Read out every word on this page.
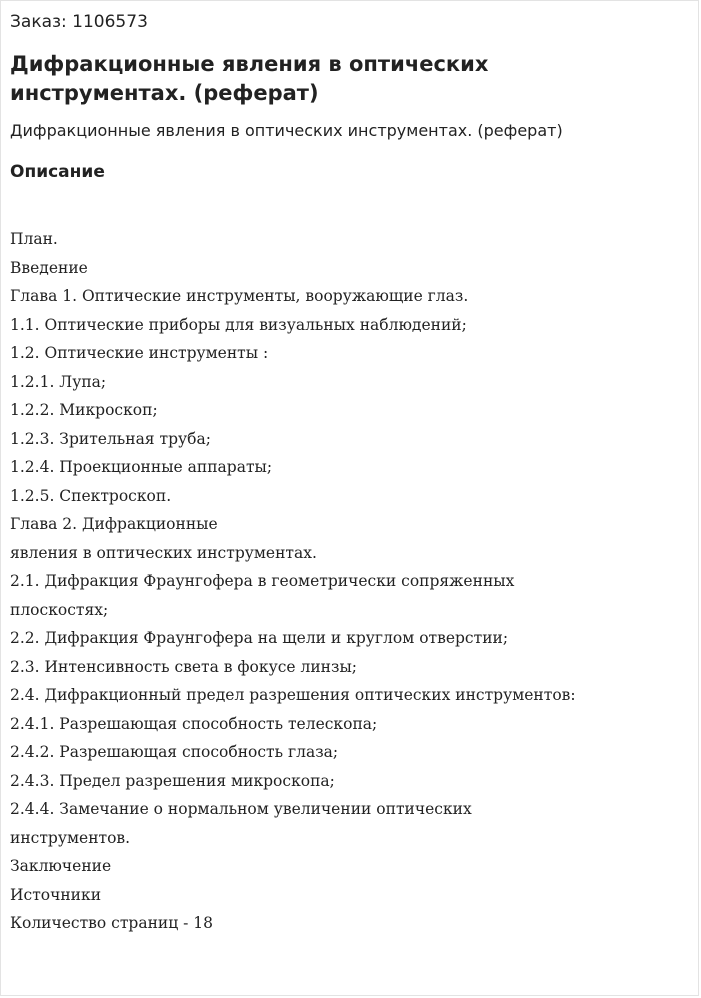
Заказ: 1106573
Дифракционные явления в оптических инструментах. (реферат)
Дифракционные явления в оптических инструментах. (реферат)
Описание
План.
Введение
Глава 1. Оптические инструменты, вооружающие глаз.
1.1. Оптические приборы для визуальных наблюдений;
1.2. Оптические инструменты :
1.2.1. Лупа;
1.2.2. Микроскоп;
1.2.3. Зрительная труба;
1.2.4. Проекционные аппараты;
1.2.5. Спектроскоп.
Глава 2. Дифракционные
явления в оптических инструментах.
2.1. Дифракция Фраунгофера в геометрически сопряженных
плоскостях;
2.2. Дифракция Фраунгофера на щели и круглом отверстии;
2.3. Интенсивность света в фокусе линзы;
2.4. Дифракционный предел разрешения оптических инструментов:
2.4.1. Разрешающая способность телескопа;
2.4.2. Разрешающая способность глаза;
2.4.3. Предел разрешения микроскопа;
2.4.4. Замечание о нормальном увеличении оптических
инструментов.
Заключение
Источники
Количество страниц - 18
